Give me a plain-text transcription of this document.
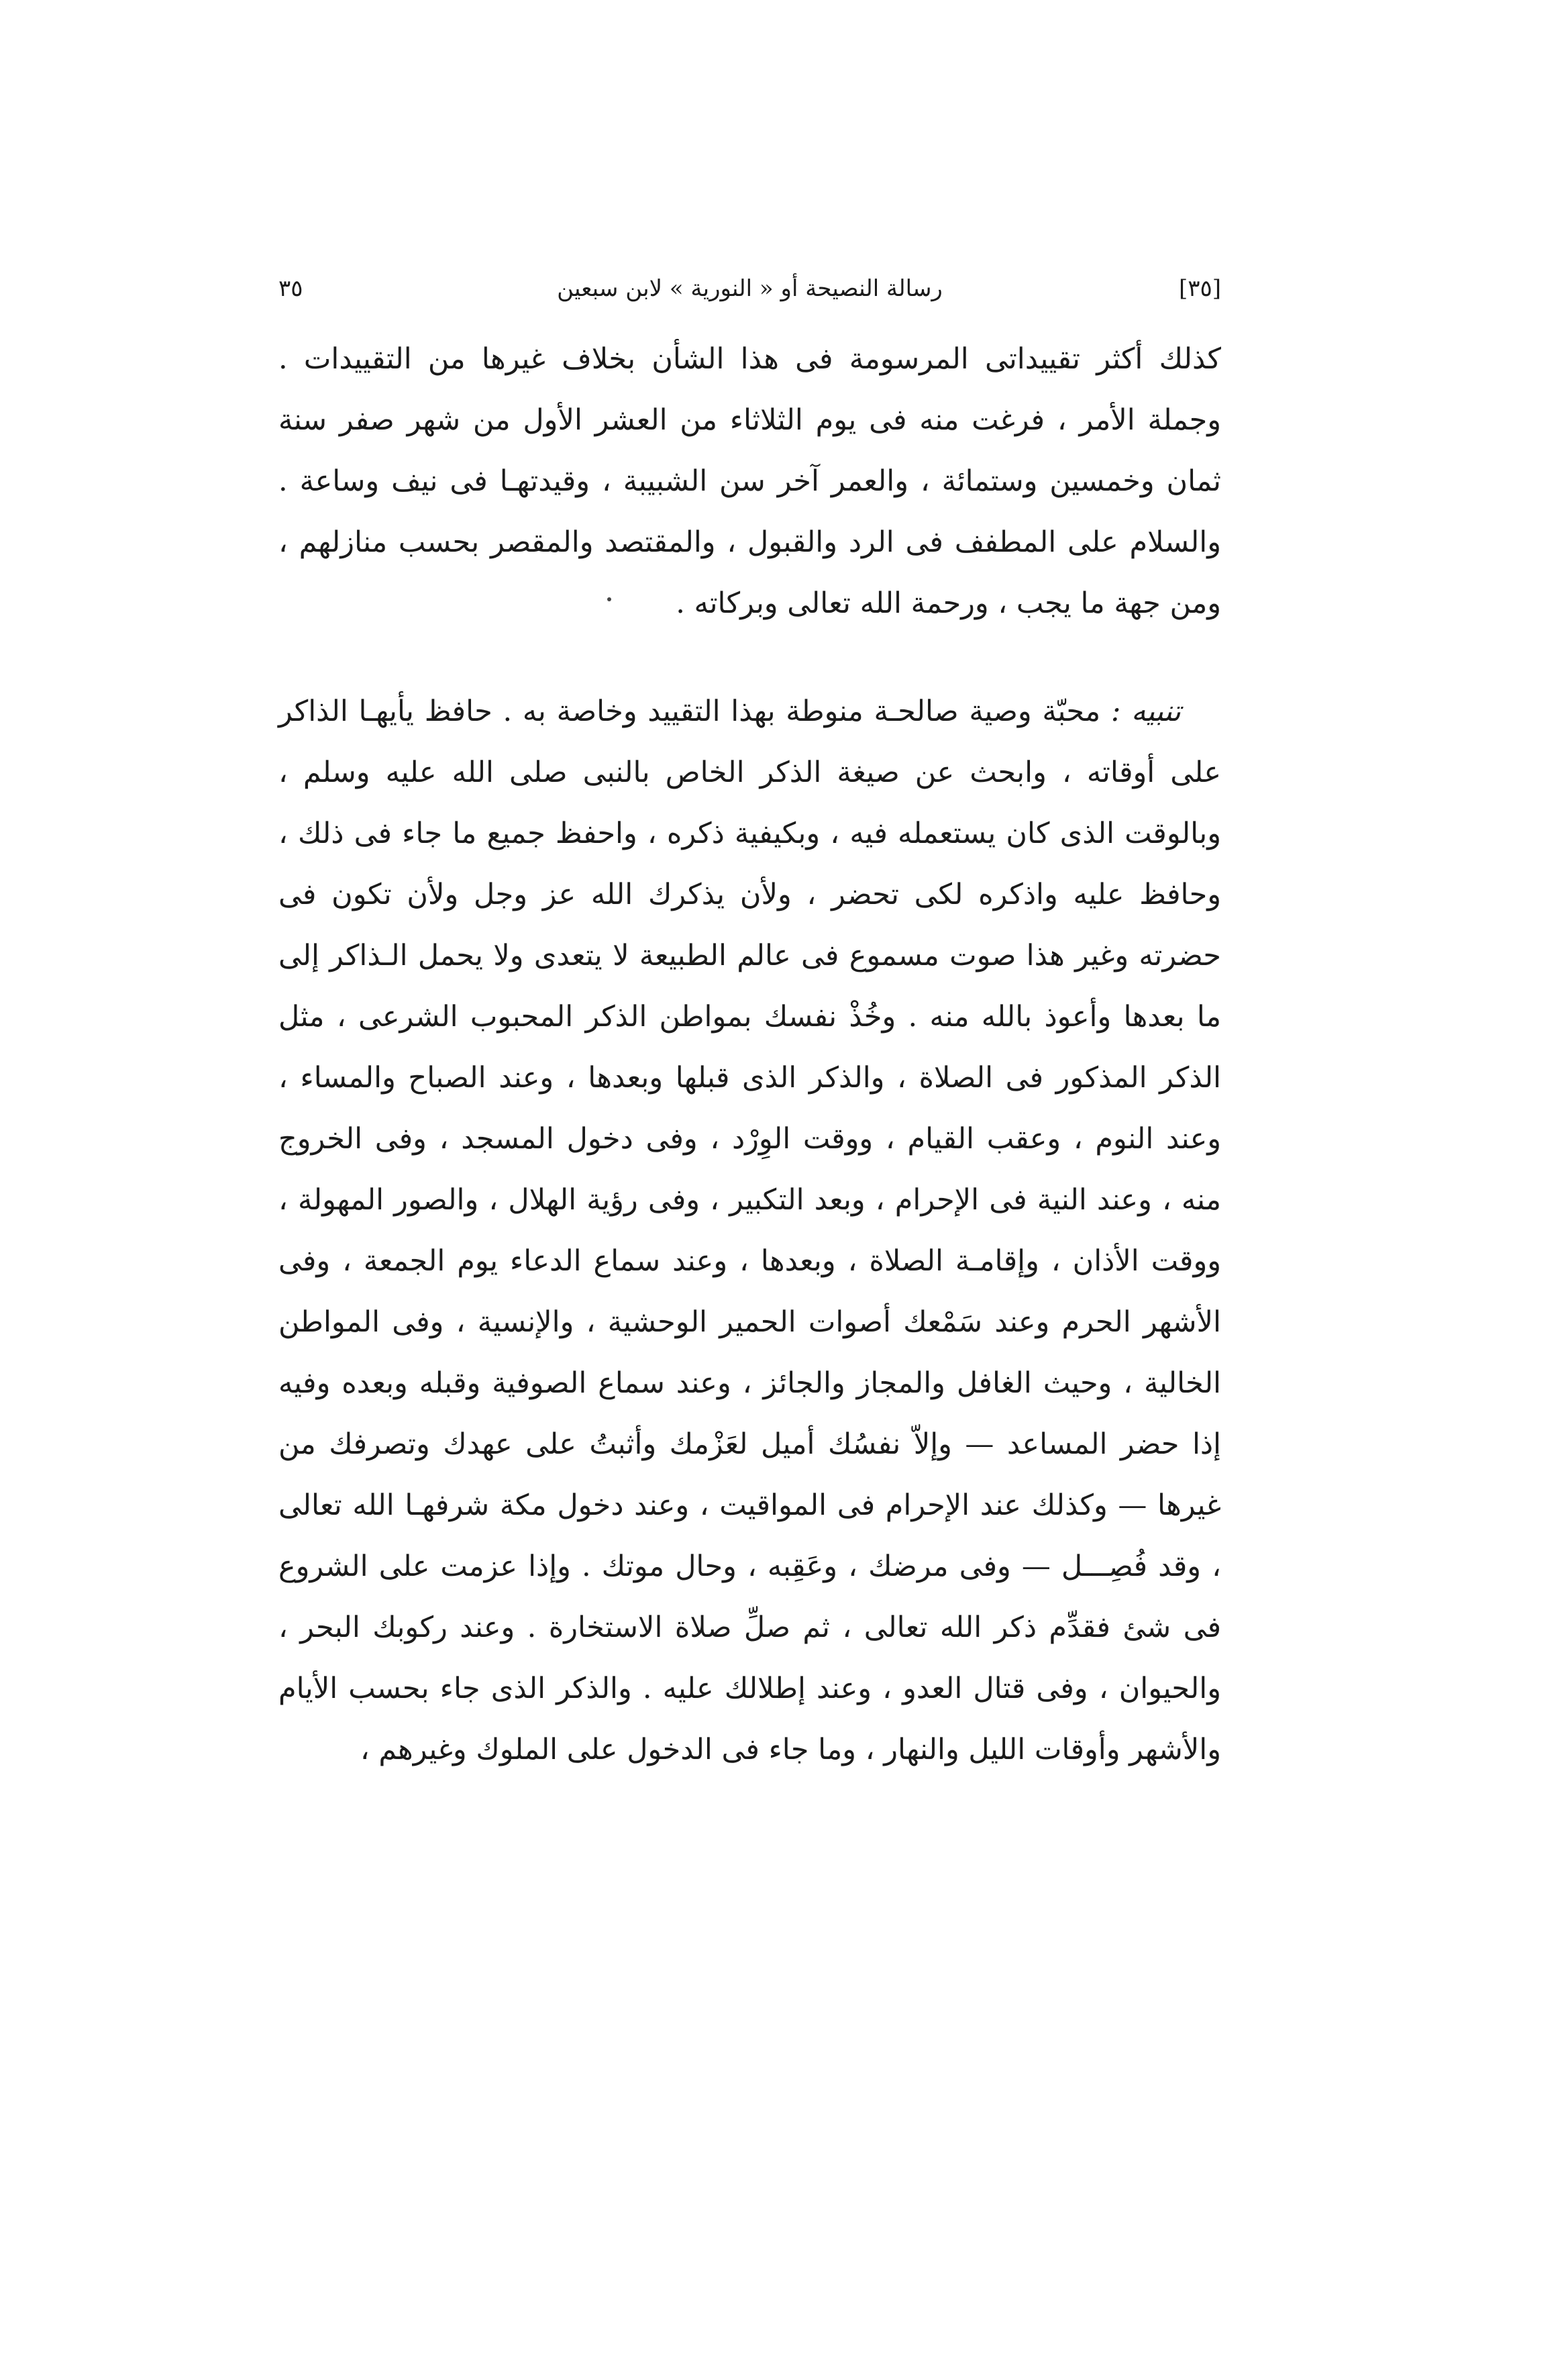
٣٥	رسالة النصيحة أو « النورية » لابن سبعين	[٣٥]

كذلك أكثر تقييداتى المرسومة فى هذا الشأن بخلاف غيرها من التقييدات . وجملة الأمر ، فرغت منه فى يوم الثلاثاء من العشر الأول من شهر صفر سنة ثمان وخمسين وستمائة ، والعمر آخر سن الشبيبة ، وقيدتهـا فى نيف وساعة . والسلام على المطفف فى الرد والقبول ، والمقتصد والمقصر بحسب منازلهم ، ومن جهة ما يجب ، ورحمة الله تعالى وبركاته .

تنبيه : محبّة وصية صالحـة منوطة بهذا التقييد وخاصة به . حافظ يأيهـا الذاكر على أوقاته ، وابحث عن صيغة الذكر الخاص بالنبى صلى الله عليه وسلم ، وبالوقت الذى كان يستعمله فيه ، وبكيفية ذكره ، واحفظ جميع ما جاء فى ذلك ، وحافظ عليه واذكره لكى تحضر ، ولأن يذكرك الله عز وجل ولأن تكون فى حضرته وغير هذا صوت مسموع فى عالم الطبيعة لا يتعدى ولا يحمل الـذاكر إلى ما بعدها وأعوذ بالله منه . وخُذْ نفسك بمواطن الذكر المحبوب الشرعى ، مثل الذكر المذكور فى الصلاة ، والذكر الذى قبلها وبعدها ، وعند الصباح والمساء ، وعند النوم ، وعقب القيام ، ووقت الوِرْد ، وفى دخول المسجد ، وفى الخروج منه ، وعند النية فى الإحرام ، وبعد التكبير ، وفى رؤية الهلال ، والصور المهولة ، ووقت الأذان ، وإقامـة الصلاة ، وبعدها ، وعند سماع الدعاء يوم الجمعة ، وفى الأشهر الحرم وعند سَمْعك أصوات الحمير الوحشية ، والإنسية ، وفى المواطن الخالية ، وحيث الغافل والمجاز والجائز ، وعند سماع الصوفية وقبله وبعده وفيه إذا حضر المساعد — وإلاّ نفسُك أميل لعَزْمك وأثبتُ على عهدك وتصرفك من غيرها — وكذلك عند الإحرام فى المواقيت ، وعند دخول مكة شرفهـا الله تعالى ، وقد فُصِـــل — وفى مرضك ، وعَقِبه ، وحال موتك . وإذا عزمت على الشروع فى شئ فقدِّم ذكر الله تعالى ، ثم صلِّ صلاة الاستخارة . وعند ركوبك البحر ، والحيوان ، وفى قتال العدو ، وعند إطلالك عليه . والذكر الذى جاء بحسب الأيام والأشهر وأوقات الليل والنهار ، وما جاء فى الدخول على الملوك وغيرهم ،
